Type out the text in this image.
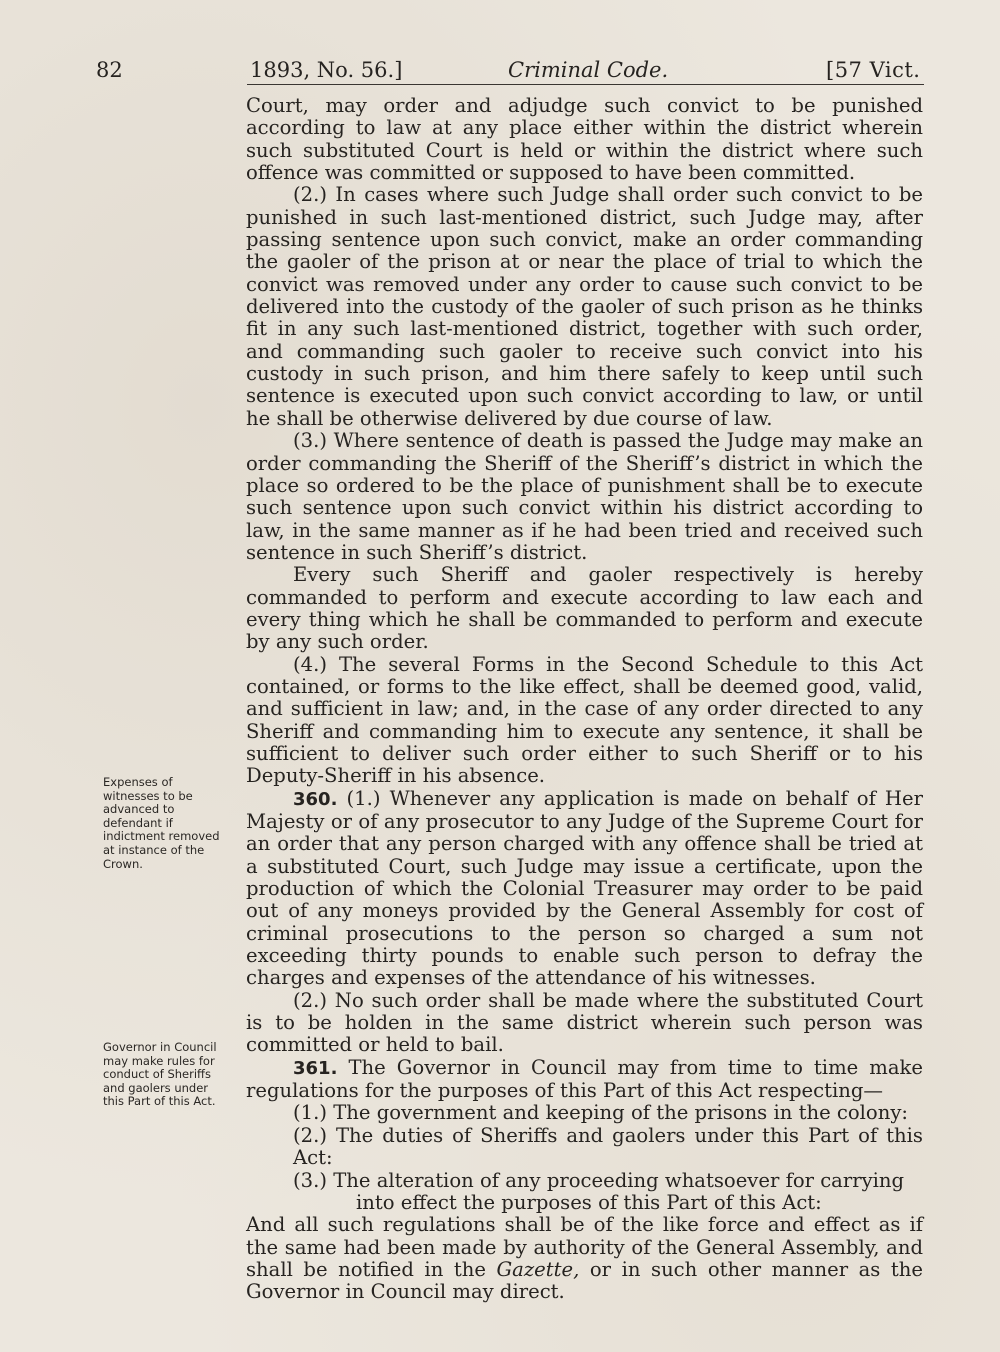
82	1893, No. 56.]	Criminal Code.	[57 Vict.

Court, may order and adjudge such convict to be punished according to law at any place either within the district wherein such substituted Court is held or within the district where such offence was committed or supposed to have been committed.

(2.) In cases where such Judge shall order such convict to be punished in such last-mentioned district, such Judge may, after passing sentence upon such convict, make an order commanding the gaoler of the prison at or near the place of trial to which the convict was removed under any order to cause such convict to be delivered into the custody of the gaoler of such prison as he thinks fit in any such last-mentioned district, together with such order, and commanding such gaoler to receive such convict into his custody in such prison, and him there safely to keep until such sentence is executed upon such convict according to law, or until he shall be otherwise delivered by due course of law.

(3.) Where sentence of death is passed the Judge may make an order commanding the Sheriff of the Sheriff’s district in which the place so ordered to be the place of punishment shall be to execute such sentence upon such convict within his district according to law, in the same manner as if he had been tried and received such sentence in such Sheriff’s district.

Every such Sheriff and gaoler respectively is hereby commanded to perform and execute according to law each and every thing which he shall be commanded to perform and execute by any such order.

(4.) The several Forms in the Second Schedule to this Act contained, or forms to the like effect, shall be deemed good, valid, and sufficient in law; and, in the case of any order directed to any Sheriff and commanding him to execute any sentence, it shall be sufficient to deliver such order either to such Sheriff or to his Deputy-Sheriff in his absence.

360. (1.) Whenever any application is made on behalf of Her Majesty or of any prosecutor to any Judge of the Supreme Court for an order that any person charged with any offence shall be tried at a substituted Court, such Judge may issue a certificate, upon the production of which the Colonial Treasurer may order to be paid out of any moneys provided by the General Assembly for cost of criminal prosecutions to the person so charged a sum not exceeding thirty pounds to enable such person to defray the charges and expenses of the attendance of his witnesses.

(2.) No such order shall be made where the substituted Court is to be holden in the same district wherein such person was committed or held to bail.

361. The Governor in Council may from time to time make regulations for the purposes of this Part of this Act respecting—

(1.) The government and keeping of the prisons in the colony:

(2.) The duties of Sheriffs and gaolers under this Part of this Act:

(3.) The alteration of any proceeding whatsoever for carrying

into effect the purposes of this Part of this Act:

And all such regulations shall be of the like force and effect as if the same had been made by authority of the General Assembly, and shall be notified in the Gazette, or in such other manner as the Governor in Council may direct.

Expenses of
witnesses to be
advanced to
defendant if
indictment removed
at instance of the
Crown.
Governor in Council
may make rules for
conduct of Sheriffs
and gaolers under
this Part of this Act.
